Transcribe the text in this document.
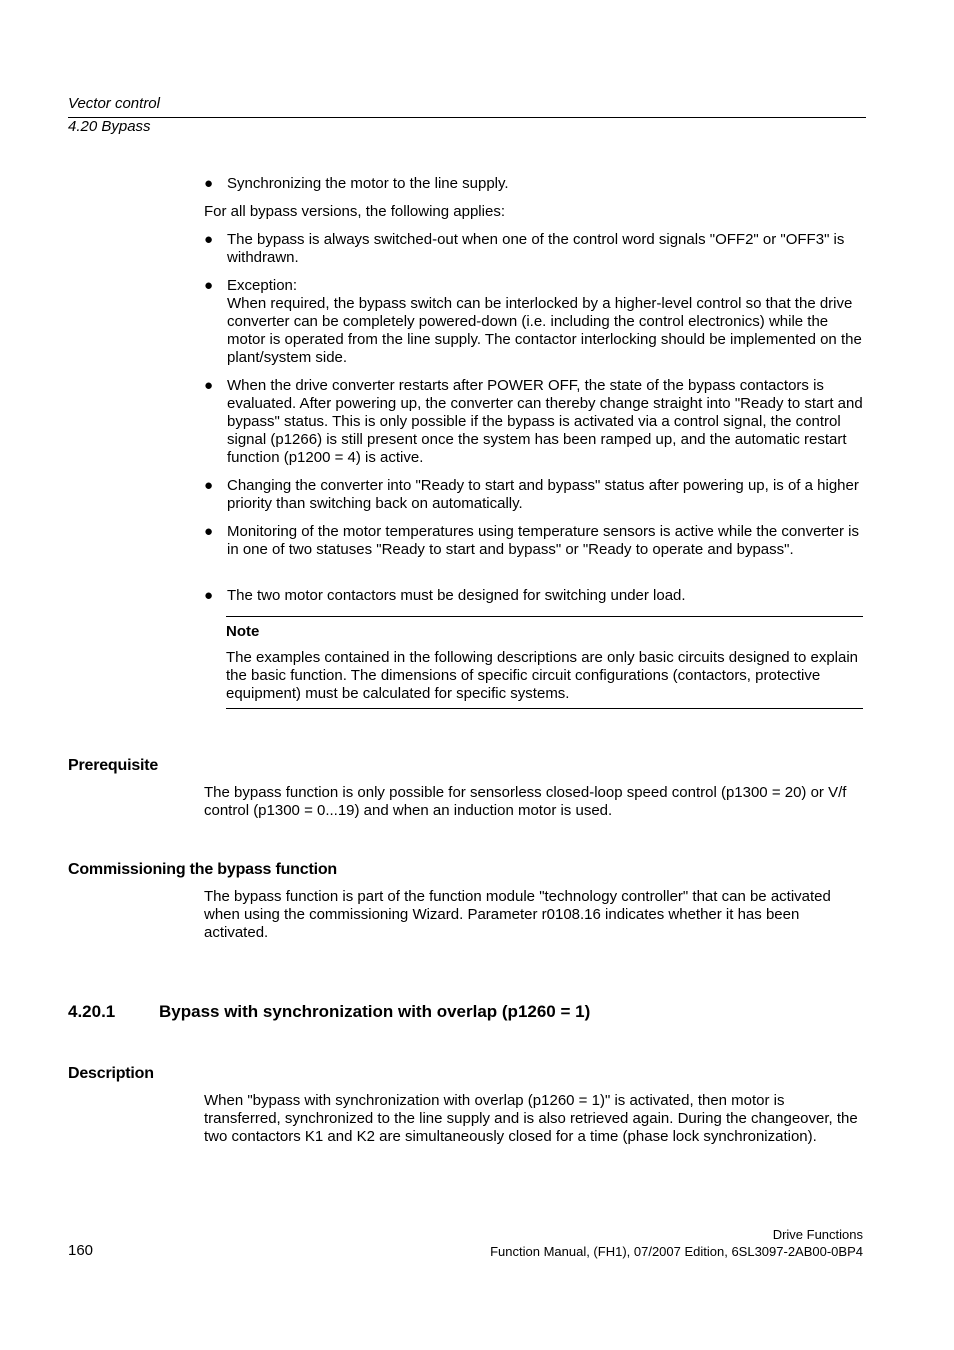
Vector control
4.20 Bypass
● Synchronizing the motor to the line supply.
For all bypass versions, the following applies:
● The bypass is always switched-out when one of the control word signals "OFF2" or "OFF3" is withdrawn.
● Exception:
When required, the bypass switch can be interlocked by a higher-level control so that the drive converter can be completely powered-down (i.e. including the control electronics) while the motor is operated from the line supply. The contactor interlocking should be implemented on the plant/system side.
● When the drive converter restarts after POWER OFF, the state of the bypass contactors is evaluated. After powering up, the converter can thereby change straight into "Ready to start and bypass" status. This is only possible if the bypass is activated via a control signal, the control signal (p1266) is still present once the system has been ramped up, and the automatic restart function (p1200 = 4) is active.
● Changing the converter into "Ready to start and bypass" status after powering up, is of a higher priority than switching back on automatically.
● Monitoring of the motor temperatures using temperature sensors is active while the converter is in one of two statuses "Ready to start and bypass" or "Ready to operate and bypass".
● The two motor contactors must be designed for switching under load.
Note
The examples contained in the following descriptions are only basic circuits designed to explain the basic function. The dimensions of specific circuit configurations (contactors, protective equipment) must be calculated for specific systems.
Prerequisite
The bypass function is only possible for sensorless closed-loop speed control (p1300 = 20) or V/f control (p1300 = 0...19) and when an induction motor is used.
Commissioning the bypass function
The bypass function is part of the function module "technology controller" that can be activated when using the commissioning Wizard. Parameter r0108.16 indicates whether it has been activated.
4.20.1	Bypass with synchronization with overlap (p1260 = 1)
Description
When "bypass with synchronization with overlap (p1260 = 1)" is activated, then motor is transferred, synchronized to the line supply and is also retrieved again. During the changeover, the two contactors K1 and K2 are simultaneously closed for a time (phase lock synchronization).
160
Drive Functions
Function Manual, (FH1), 07/2007 Edition, 6SL3097-2AB00-0BP4
